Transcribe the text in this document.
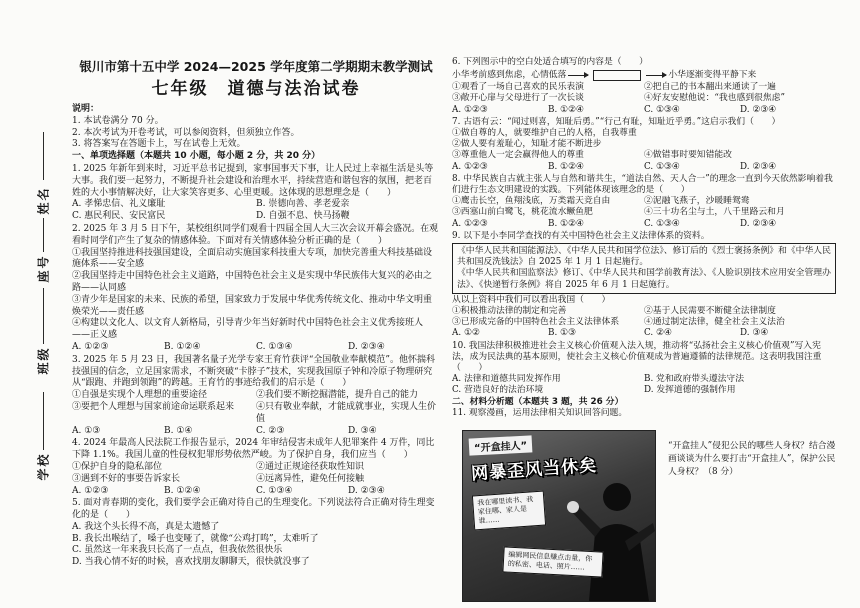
姓名
座号
班级
学校

银川市第十五中学 2024—2025 学年度第二学期期末教学测试

七年级　道德与法治试卷

说明：

1. 本试卷满分 70 分。

2. 本次考试为开卷考试，可以参阅资料，但须独立作答。

3. 将答案写在答题卡上，写在试卷上无效。

一、单项选择题（本题共 10 小题，每小题 2 分，共 20 分）

1. 2025 年新年到来时，习近平总书记提到，家事国事天下事，让人民过上幸福生活是头等大事。我们要一起努力，不断提升社会建设和治理水平，持续营造和谐包容的氛围，把老百姓的大小事情解决好，让大家笑容更多、心里更暖。这体现的思想理念是（　　）

A. 孝悌忠信、礼义廉耻	B. 崇德向善、孝老爱亲
C. 惠民利民、安民富民	D. 自强不息、快马扬鞭

2. 2025 年 3 月 5 日下午，某校组织同学们观看十四届全国人大三次会议开幕会盛况。在观看时同学们产生了复杂的情感体验。下面对有关情感体验分析正确的是（　　）

①我国坚持推进科技强国建设，全面启动实施国家科技重大专项，加快完善重大科技基础设施体系——安全感

②我国坚持走中国特色社会主义道路，中国特色社会主义是实现中华民族伟大复兴的必由之路——认同感

③青少年是国家的未来、民族的希望，国家致力于发展中华优秀传统文化、推动中华文明重焕荣光——责任感

④构建以文化人、以文育人新格局，引导青少年当好新时代中国特色社会主义优秀接班人——正义感

A. ①②③	B. ①②④	C. ①③④	D. ②③④

3. 2025 年 5 月 23 日，我国著名量子光学专家王育竹获评“全国敬业奉献模范”。他怀揣科技强国的信念，立足国家需求，不断突破“卡脖子”技术，实现我国原子钟和冷原子物理研究从“跟跑、并跑到领跑”的跨越。王育竹的事迹给我们的启示是（　　）

①自强是实现个人理想的重要途径	②我们要不断挖掘潜能，提升自己的能力
③要把个人理想与国家前途命运联系起来	④只有敬业奉献，才能成就事业，实现人生价值
A. ①③	B. ①④	C. ②③	D. ③④

4. 2024 年最高人民法院工作报告显示，2024 年审结侵害未成年人犯罪案件 4 万件，同比下降 1.1%。我国儿童的性侵权犯罪形势依然严峻。为了保护自身，我们应当（　　）

①保护自身的隐私部位	②通过正规途径获取性知识
③遇到不好的事要告诉家长	④远离异性，避免任何接触
A. ①②③	B. ①②④	C. ①③④	D. ②③④

5. 面对青春期的变化，我们要学会正确对待自己的生理变化。下列说法符合正确对待生理变化的是（　　）

A. 我这个头长得不高，真是太遗憾了

B. 我长出喉结了，嗓子也变哑了，就像“公鸡打鸣”，太难听了

C. 虽然这一年来我只长高了一点点，但我依然很快乐

D. 当我心情不好的时候，喜欢找朋友聊聊天，很快就没事了

6. 下列图示中的空白处适合填写的内容是（　　）

小华考前感到焦虑，心情低落	小华逐渐变得平静下来
①观看了一场自己喜欢的民乐表演	②把自己的书本翻出来通读了一遍
③敞开心扉与父母进行了一次长谈	④好友安慰他说：“我也感到很焦虑”
A. ①②③	B. ①②④	C. ①③④	D. ②③④

7. 古语有云：“闻过则喜，知耻后勇。”“行己有耻，知耻近乎勇。”这启示我们（　　）

①做自尊的人，就要维护自己的人格，自我尊重

②做人要有羞耻心，知耻才能不断进步

③尊重他人一定会赢得他人的尊重	④做错事时要知错能改
A. ①②③	B. ①②④	C. ①③④	D. ②③④

8. 中华民族自古就主张人与自然和谐共生，“道法自然、天人合一”的理念一直到今天依然影响着我们进行生态文明建设的实践。下列能体现该理念的是（　　）

①鹰击长空，鱼翔浅底，万类霜天竞自由	②泥融飞燕子，沙暖睡鸳鸯
③西塞山前白鹭飞，桃花流水鳜鱼肥	④三十功名尘与土，八千里路云和月
A. ①②③	B. ①②④	C. ①③④	D. ②③④

9. 以下是小李同学查找的有关中国特色社会主义法律体系的资料。

《中华人民共和国能源法》、《中华人民共和国学位法》、修订后的《烈士褒扬条例》和《中华人民共和国反洗钱法》自 2025 年 1 月 1 日起施行。

《中华人民共和国监察法》修订、《中华人民共和国学前教育法》、《人脸识别技术应用安全管理办法》、《快递暂行条例》将自 2025 年 6 月 1 日起施行。

从以上资料中我们可以看出我国（　　）

①积极推动法律的制定和完善	②基于人民需要不断健全法律制度
③已形成完备的中国特色社会主义法律体系	④通过制定法律，健全社会主义法治
A. ①②	B. ①③	C. ②④	D. ③④

10. 我国法律积极推进社会主义核心价值观入法入规，推动将“弘扬社会主义核心价值观”写入宪法，成为民法典的基本原则，使社会主义核心价值观成为普遍遵循的法律规范。这表明我国注重（　　）

A. 法律和道德共同发挥作用	B. 党和政府带头遵法守法
C. 营造良好的法治环境	D. 发挥道德的强制作用

二、材料分析题（本题共 3 题，共 26 分）

11. 观察漫画，运用法律相关知识回答问题。

“开盒挂人”
网暴歪风当休矣
我在哪里读书、我家住哪、家人是谁……
编辑网民信息赚点击量，你的私密、电话、照片……

“开盒挂人”侵犯公民的哪些人身权？结合漫画谈谈为什么要打击“开盒挂人”，保护公民人身权？（8 分）
